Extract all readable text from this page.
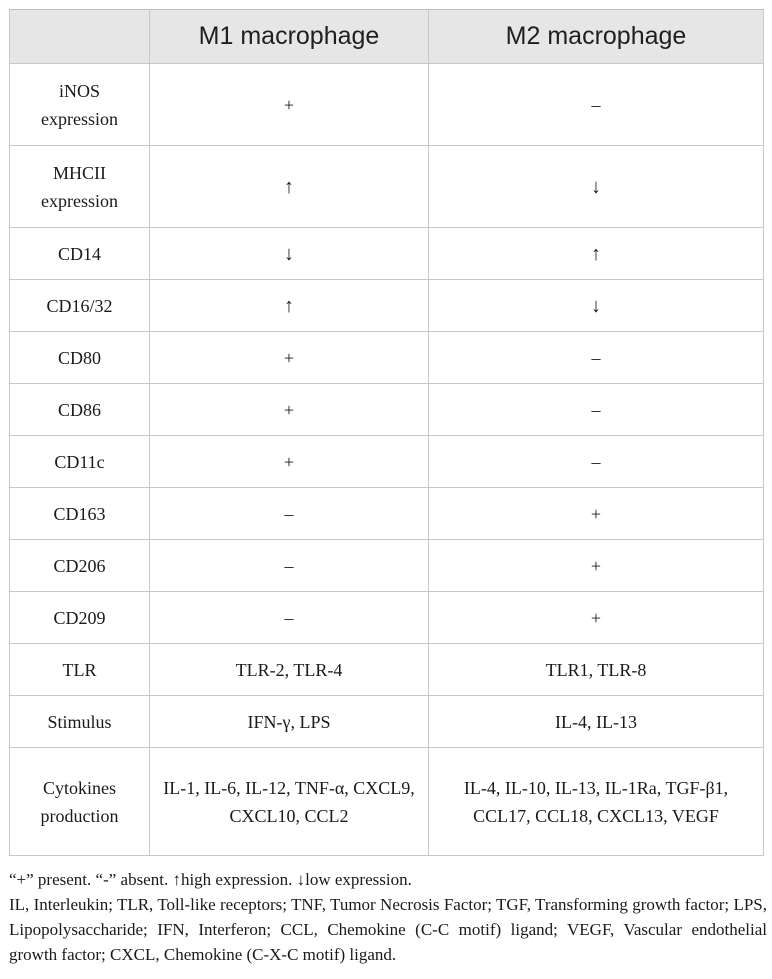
	M1 macrophage	M2 macrophage
iNOS expression	+	–
MHCII expression	↑	↓
CD14	↓	↑
CD16/32	↑	↓
CD80	+	–
CD86	+	–
CD11c	+	–
CD163	–	+
CD206	–	+
CD209	–	+
TLR	TLR-2, TLR-4	TLR1, TLR-8
Stimulus	IFN-γ, LPS	IL-4, IL-13
Cytokines production	IL-1, IL-6, IL-12, TNF-α, CXCL9, CXCL10, CCL2	IL-4, IL-10, IL-13, IL-1Ra, TGF-β1, CCL17, CCL18, CXCL13, VEGF

“+” present. “-” absent. ↑high expression. ↓low expression.

IL, Interleukin; TLR, Toll-like receptors; TNF, Tumor Necrosis Factor; TGF, Transforming growth factor; LPS, Lipopolysaccharide; IFN, Interferon; CCL, Chemokine (C-C motif) ligand; VEGF, Vascular endothelial growth factor; CXCL, Chemokine (C-X-C motif) ligand.
